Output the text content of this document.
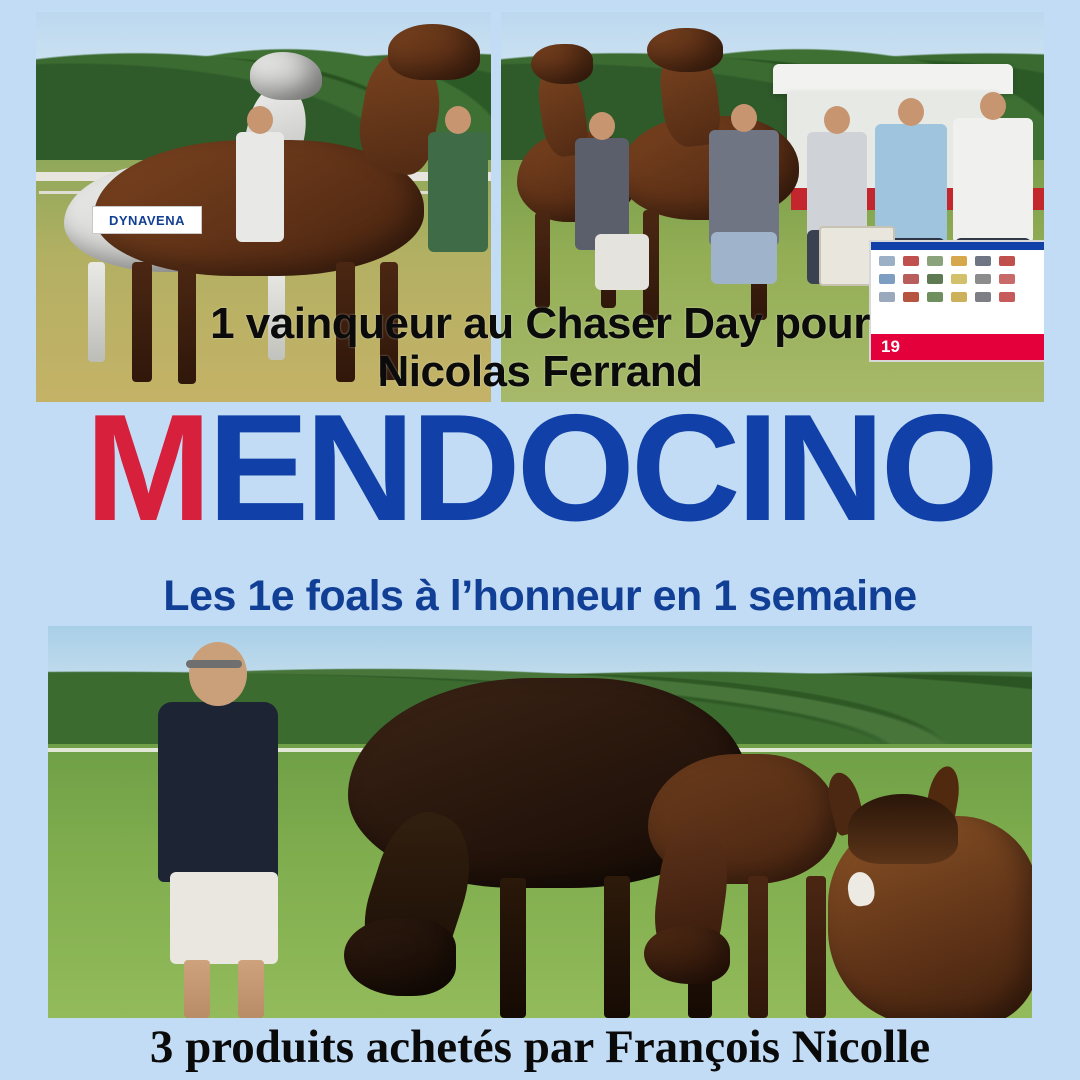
DYNAVENA
19
1 vainqueur au Chaser Day pour
Nicolas Ferrand
MENDOCINO
Les 1e foals à l’honneur en 1 semaine
3 produits achetés par François Nicolle
